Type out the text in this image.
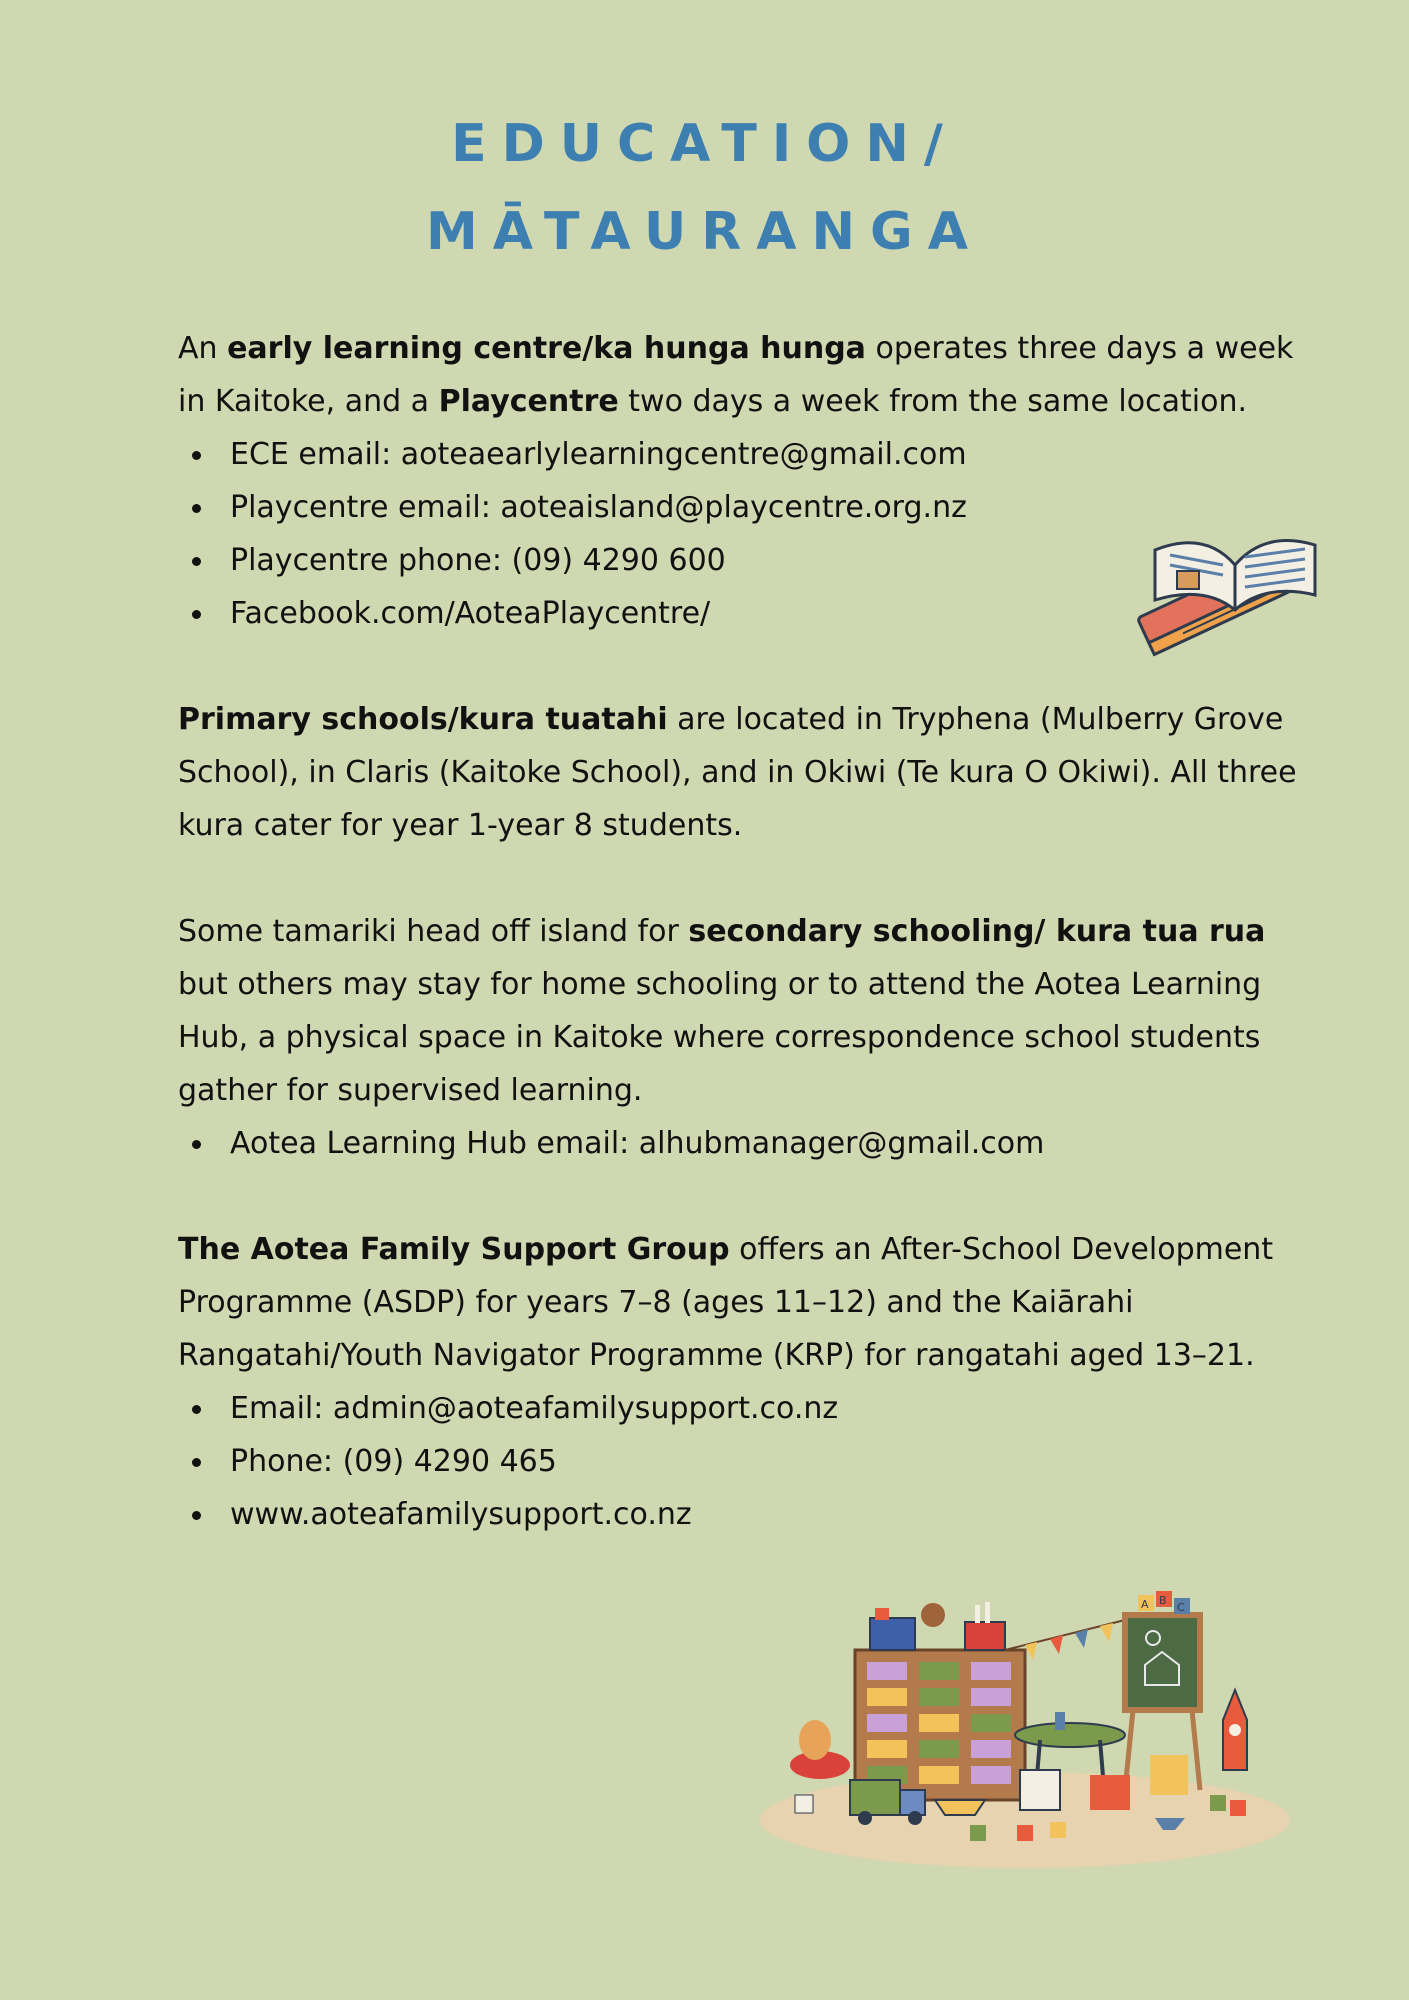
EDUCATION/
MĀTAURANGA

An early learning centre/ka hunga hunga operates three days a week in Kaitoke, and a Playcentre two days a week from the same location.

ECE email: aoteaearlylearningcentre@gmail.com
Playcentre email: aoteaisland@playcentre.org.nz
Playcentre phone: (09) 4290 600
Facebook.com/AoteaPlaycentre/

Primary schools/kura tuatahi are located in Tryphena (Mulberry Grove School), in Claris (Kaitoke School), and in Okiwi (Te kura O Okiwi). All three kura cater for year 1-year 8 students.

Some tamariki head off island for secondary schooling/ kura tua rua but others may stay for home schooling or to attend the Aotea Learning Hub, a physical space in Kaitoke where correspondence school students gather for supervised learning.

Aotea Learning Hub email: alhubmanager@gmail.com

The Aotea Family Support Group offers an After-School Development Programme (ASDP) for years 7–8 (ages 11–12) and the Kaiārahi Rangatahi/Youth Navigator Programme (KRP) for rangatahi aged 13–21.

Email: admin@aoteafamilysupport.co.nz
Phone: (09) 4290 465
www.aoteafamilysupport.co.nz
A B
C
